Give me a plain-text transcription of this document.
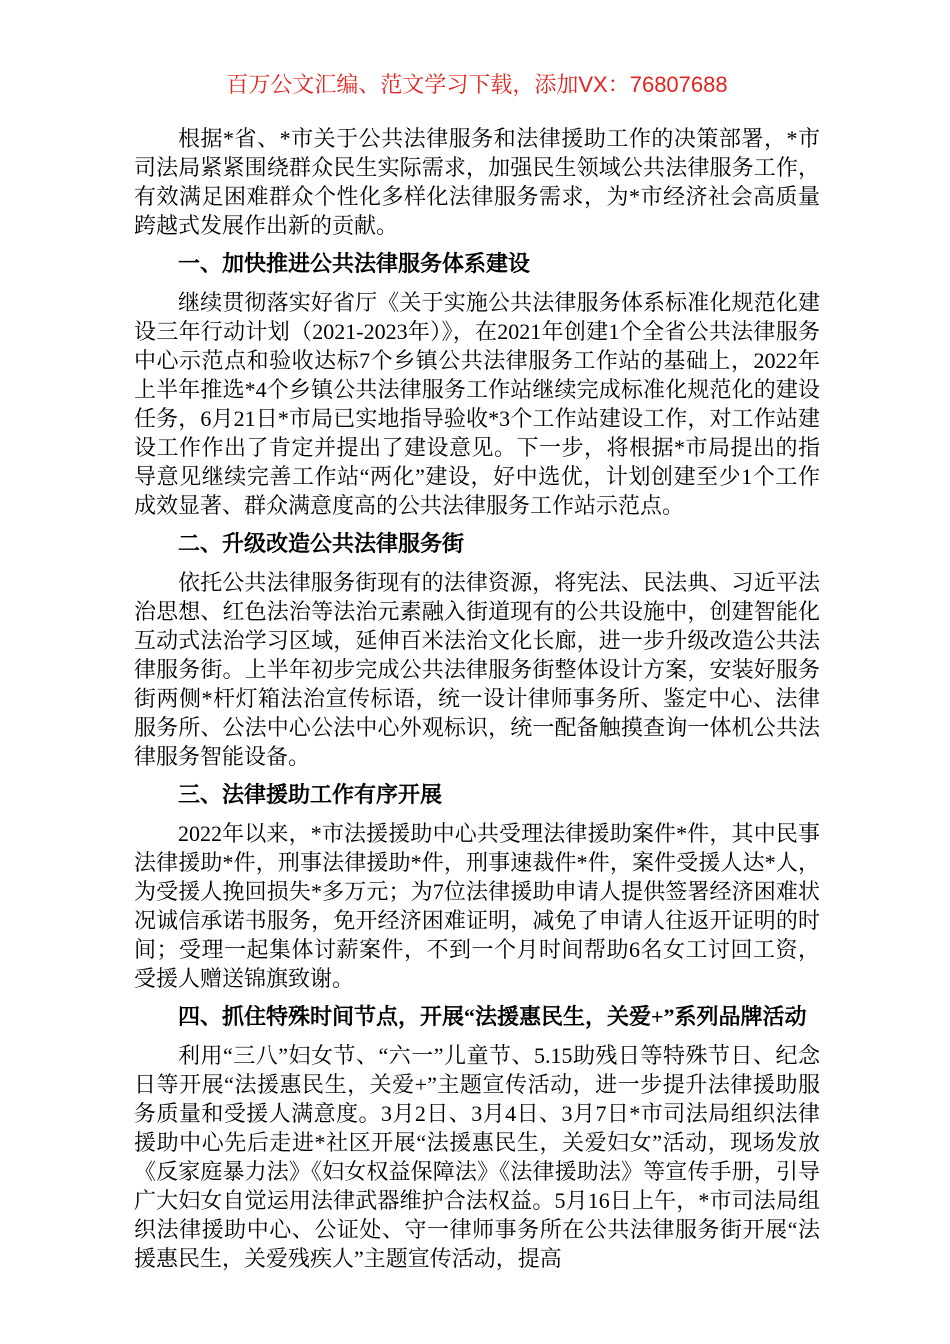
百万公文汇编、范文学习下载，添加VX：76807688

根据*省、*市关于公共法律服务和法律援助工作的决策部署，*市司法局紧紧围绕群众民生实际需求，加强民生领域公共法律服务工作，有效满足困难群众个性化多样化法律服务需求，为*市经济社会高质量跨越式发展作出新的贡献。

一、加快推进公共法律服务体系建设

继续贯彻落实好省厅《关于实施公共法律服务体系标准化规范化建设三年行动计划（2021-2023年）》，在2021年创建1个全省公共法律服务中心示范点和验收达标7个乡镇公共法律服务工作站的基础上，2022年上半年推选*4个乡镇公共法律服务工作站继续完成标准化规范化的建设任务，6月21日*市局已实地指导验收*3个工作站建设工作，对工作站建设工作作出了肯定并提出了建设意见。下一步，将根据*市局提出的指导意见继续完善工作站“两化”建设，好中选优，计划创建至少1个工作成效显著、群众满意度高的公共法律服务工作站示范点。

二、升级改造公共法律服务街

依托公共法律服务街现有的法律资源，将宪法、民法典、习近平法治思想、红色法治等法治元素融入街道现有的公共设施中，创建智能化互动式法治学习区域，延伸百米法治文化长廊，进一步升级改造公共法律服务街。上半年初步完成公共法律服务街整体设计方案，安装好服务街两侧*杆灯箱法治宣传标语，统一设计律师事务所、鉴定中心、法律服务所、公法中心公法中心外观标识，统一配备触摸查询一体机公共法律服务智能设备。

三、法律援助工作有序开展

2022年以来，*市法援援助中心共受理法律援助案件*件，其中民事法律援助*件，刑事法律援助*件，刑事速裁件*件，案件受援人达*人，为受援人挽回损失*多万元；为7位法律援助申请人提供签署经济困难状况诚信承诺书服务，免开经济困难证明，减免了申请人往返开证明的时间；受理一起集体讨薪案件，不到一个月时间帮助6名女工讨回工资，受援人赠送锦旗致谢。

四、抓住特殊时间节点，开展“法援惠民生，关爱+”系列品牌活动

利用“三八”妇女节、“六一”儿童节、5.15助残日等特殊节日、纪念日等开展“法援惠民生，关爱+”主题宣传活动，进一步提升法律援助服务质量和受援人满意度。3月2日、3月4日、3月7日*市司法局组织法律援助中心先后走进*社区开展“法援惠民生，关爱妇女”活动，现场发放《反家庭暴力法》《妇女权益保障法》《法律援助法》等宣传手册，引导广大妇女自觉运用法律武器维护合法权益。5月16日上午，*市司法局组织法律援助中心、公证处、守一律师事务所在公共法律服务街开展“法援惠民生，关爱残疾人”主题宣传活动，提高
